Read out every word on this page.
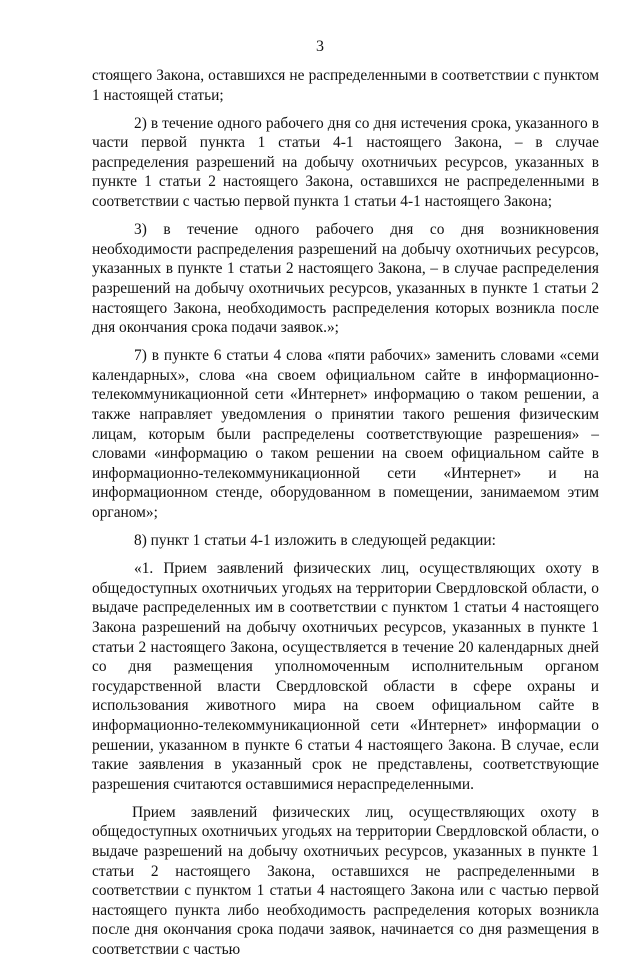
3

стоящего Закона, оставшихся не распределенными в соответствии с пунктом 1 настоящей статьи;

2) в течение одного рабочего дня со дня истечения срока, указанного в части первой пункта 1 статьи 4-1 настоящего Закона, – в случае распределения разрешений на добычу охотничьих ресурсов, указанных в пункте 1 статьи 2 настоящего Закона, оставшихся не распределенными в соответствии с частью первой пункта 1 статьи 4-1 настоящего Закона;

3) в течение одного рабочего дня со дня возникновения необходимости распределения разрешений на добычу охотничьих ресурсов, указанных в пункте 1 статьи 2 настоящего Закона, – в случае распределения разрешений на добычу охотничьих ресурсов, указанных в пункте 1 статьи 2 настоящего Закона, необходимость распределения которых возникла после дня окончания срока подачи заявок.»;

7) в пункте 6 статьи 4 слова «пяти рабочих» заменить словами «семи календарных», слова «на своем официальном сайте в информационно-телекоммуникационной сети «Интернет» информацию о таком решении, а также направляет уведомления о принятии такого решения физическим лицам, которым были распределены соответствующие разрешения» – словами «информацию о таком решении на своем официальном сайте в информационно-телекоммуникационной сети «Интернет» и на информационном стенде, оборудованном в помещении, занимаемом этим органом»;

8) пункт 1 статьи 4-1 изложить в следующей редакции:

«1. Прием заявлений физических лиц, осуществляющих охоту в общедоступных охотничьих угодьях на территории Свердловской области, о выдаче распределенных им в соответствии с пунктом 1 статьи 4 настоящего Закона разрешений на добычу охотничьих ресурсов, указанных в пункте 1 статьи 2 настоящего Закона, осуществляется в течение 20 календарных дней со дня размещения уполномоченным исполнительным органом государственной власти Свердловской области в сфере охраны и использования животного мира на своем официальном сайте в информационно-телекоммуникационной сети «Интернет» информации о решении, указанном в пункте 6 статьи 4 настоящего Закона. В случае, если такие заявления в указанный срок не представлены, соответствующие разрешения считаются оставшимися нераспределенными.

Прием заявлений физических лиц, осуществляющих охоту в общедоступных охотничьих угодьях на территории Свердловской области, о выдаче разрешений на добычу охотничьих ресурсов, указанных в пункте 1 статьи 2 настоящего Закона, оставшихся не распределенными в соответствии с пунктом 1 статьи 4 настоящего Закона или с частью первой настоящего пункта либо необходимость распределения которых возникла после дня окончания срока подачи заявок, начинается со дня размещения в соответствии с частью
